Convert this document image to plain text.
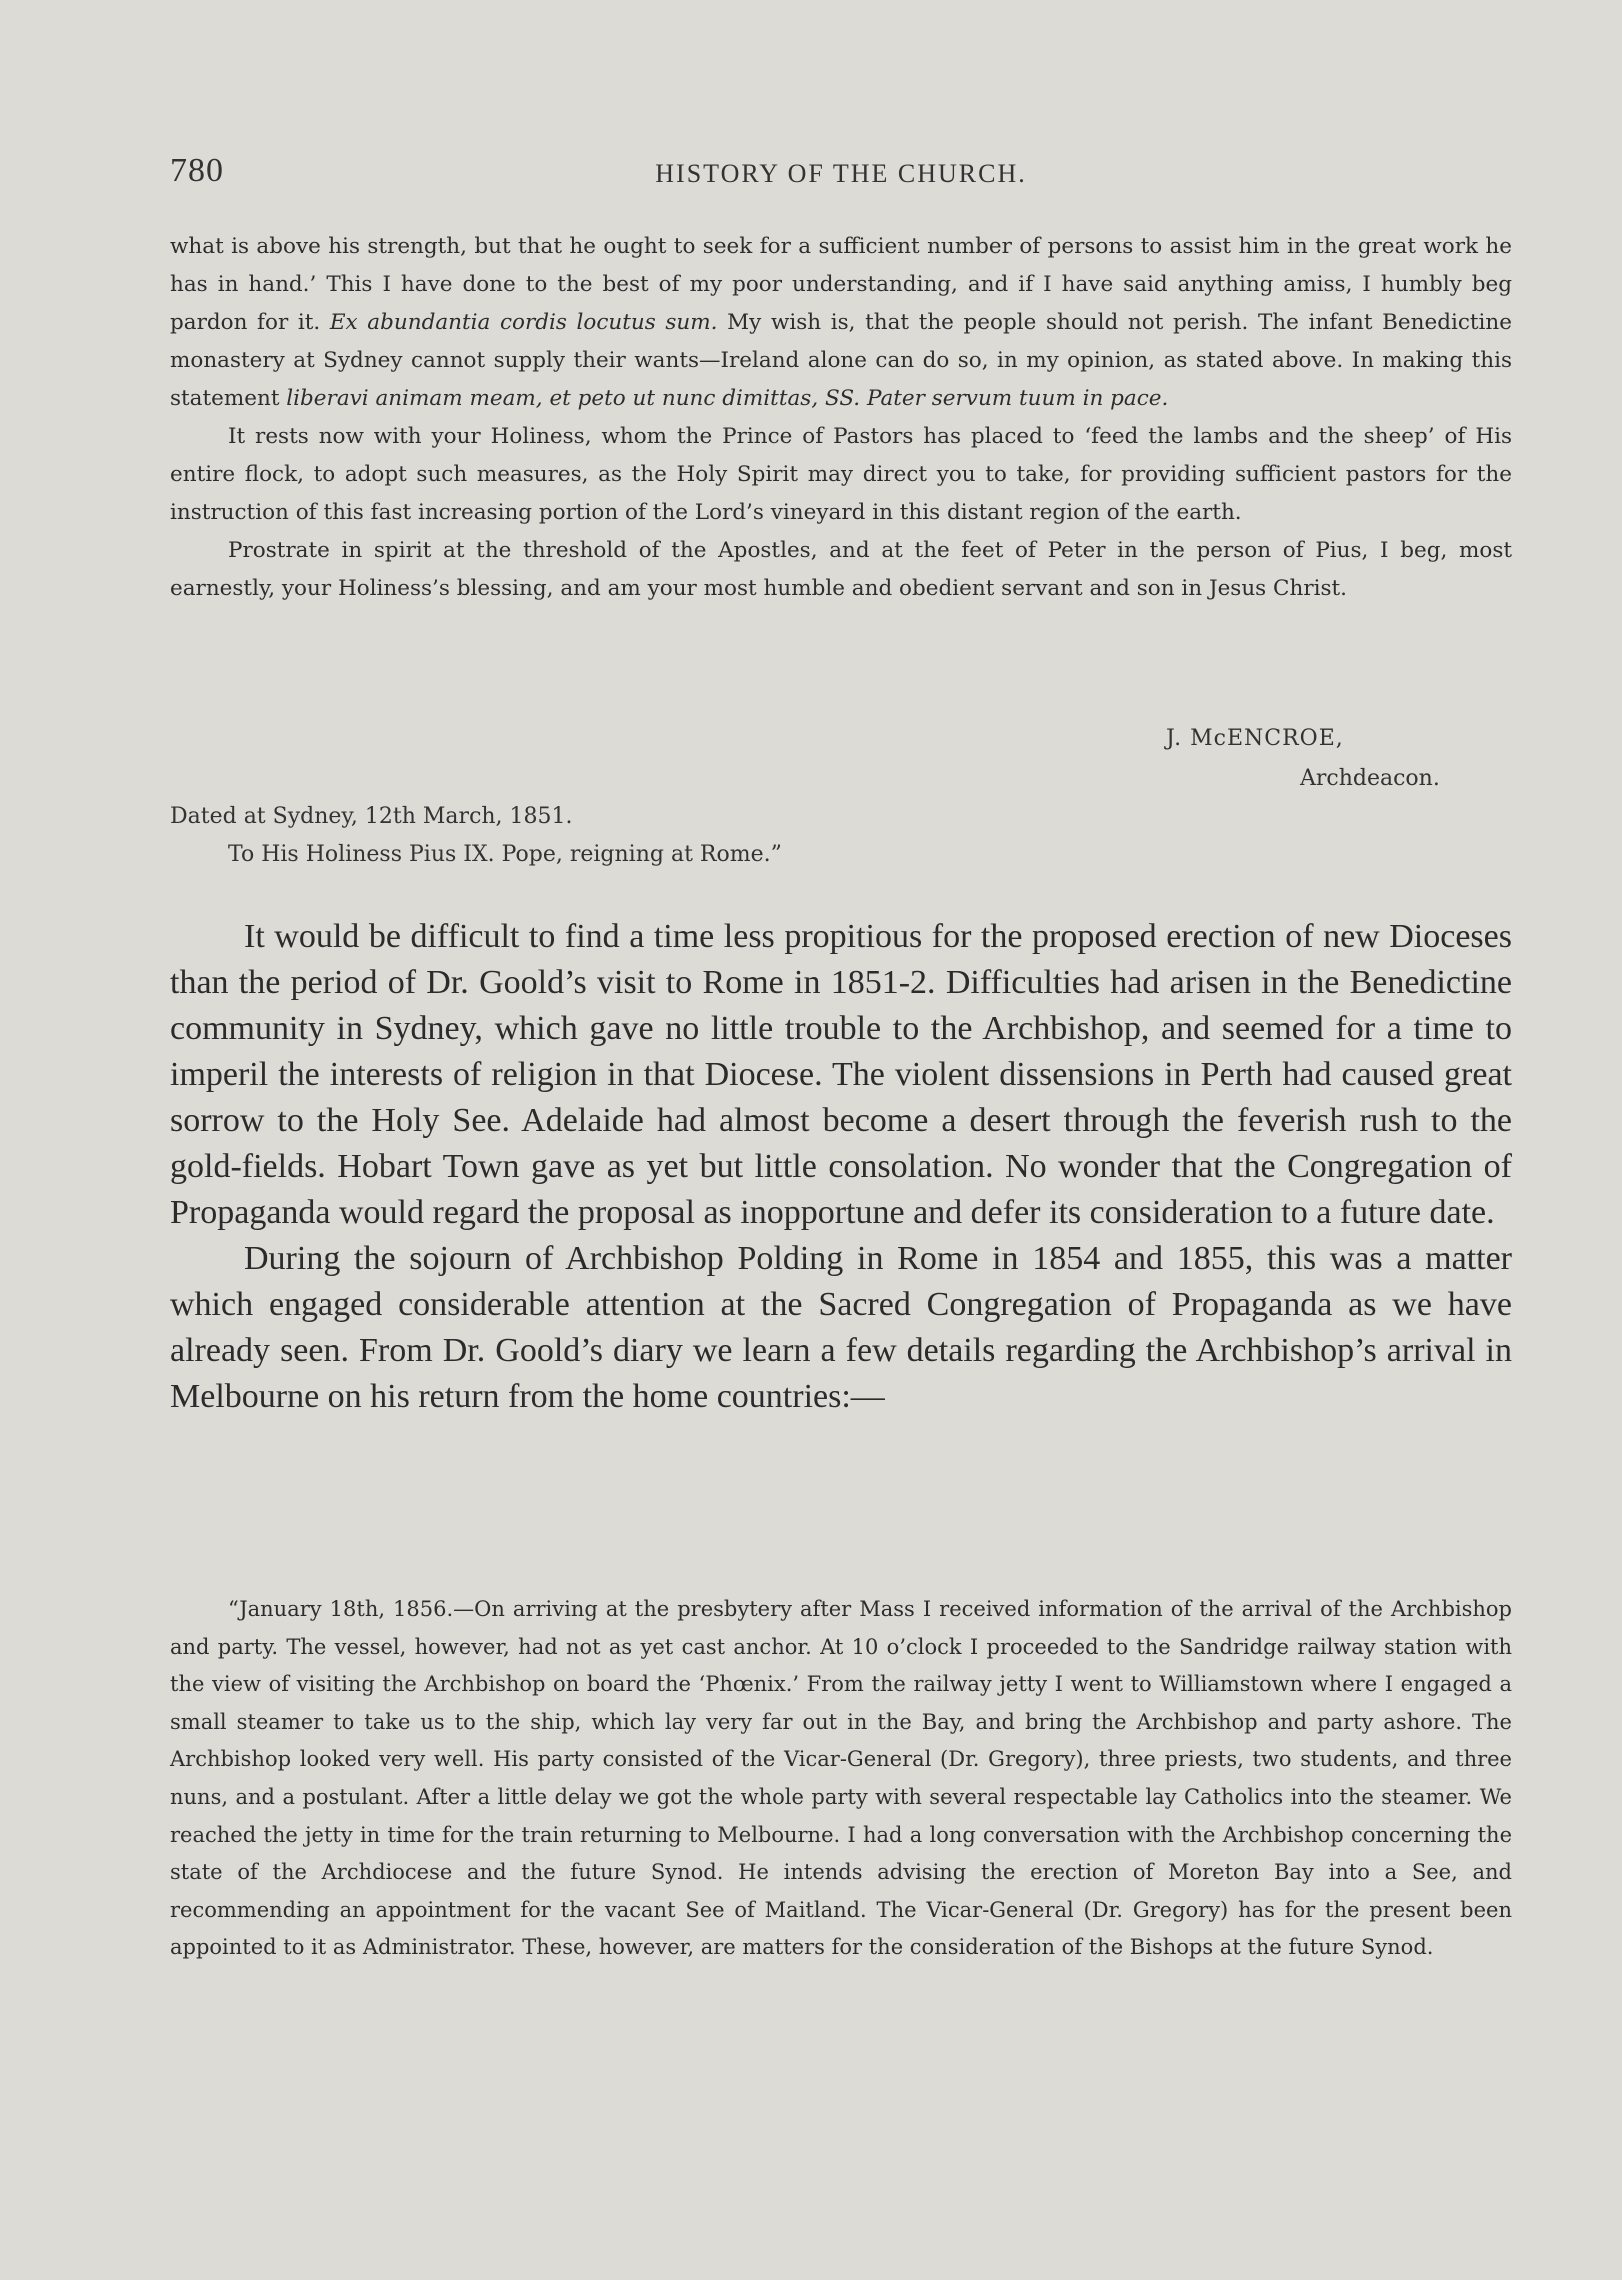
780	HISTORY OF THE CHURCH.

what is above his strength, but that he ought to seek for a sufficient number of persons to assist him in the great work he has in hand.’ This I have done to the best of my poor understanding, and if I have said anything amiss, I humbly beg pardon for it. Ex abundantia cordis locutus sum. My wish is, that the people should not perish. The infant Benedictine monastery at Sydney cannot supply their wants—Ireland alone can do so, in my opinion, as stated above. In making this statement liberavi animam meam, et peto ut nunc dimittas, SS. Pater servum tuum in pace.

It rests now with your Holiness, whom the Prince of Pastors has placed to ‘feed the lambs and the sheep’ of His entire flock, to adopt such measures, as the Holy Spirit may direct you to take, for providing sufficient pastors for the instruction of this fast increasing portion of the Lord’s vineyard in this distant region of the earth.

Prostrate in spirit at the threshold of the Apostles, and at the feet of Peter in the person of Pius, I beg, most earnestly, your Holiness’s blessing, and am your most humble and obedient servant and son in Jesus Christ.

J. McENCROE,
Archdeacon.
Dated at Sydney, 12th March, 1851.
To His Holiness Pius IX. Pope, reigning at Rome.”

It would be difficult to find a time less propitious for the proposed erection of new Dioceses than the period of Dr. Goold’s visit to Rome in 1851-2. Difficulties had arisen in the Benedictine community in Sydney, which gave no little trouble to the Archbishop, and seemed for a time to imperil the interests of religion in that Diocese. The violent dissensions in Perth had caused great sorrow to the Holy See. Adelaide had almost become a desert through the feverish rush to the gold-fields. Hobart Town gave as yet but little consolation. No wonder that the Congregation of Propaganda would regard the proposal as inopportune and defer its consideration to a future date.

During the sojourn of Archbishop Polding in Rome in 1854 and 1855, this was a matter which engaged considerable attention at the Sacred Congregation of Propaganda as we have already seen. From Dr. Goold’s diary we learn a few details regarding the Archbishop’s arrival in Melbourne on his return from the home countries:—

“January 18th, 1856.—On arriving at the presbytery after Mass I received information of the arrival of the Archbishop and party. The vessel, however, had not as yet cast anchor. At 10 o’clock I proceeded to the Sandridge railway station with the view of visiting the Archbishop on board the ‘Phœnix.’ From the railway jetty I went to Williamstown where I engaged a small steamer to take us to the ship, which lay very far out in the Bay, and bring the Archbishop and party ashore. The Archbishop looked very well. His party consisted of the Vicar-General (Dr. Gregory), three priests, two students, and three nuns, and a postulant. After a little delay we got the whole party with several respectable lay Catholics into the steamer. We reached the jetty in time for the train returning to Melbourne. I had a long conversation with the Archbishop concerning the state of the Archdiocese and the future Synod. He intends advising the erection of Moreton Bay into a See, and recommending an appointment for the vacant See of Maitland. The Vicar-General (Dr. Gregory) has for the present been appointed to it as Administrator. These, however, are matters for the consideration of the Bishops at the future Synod.
